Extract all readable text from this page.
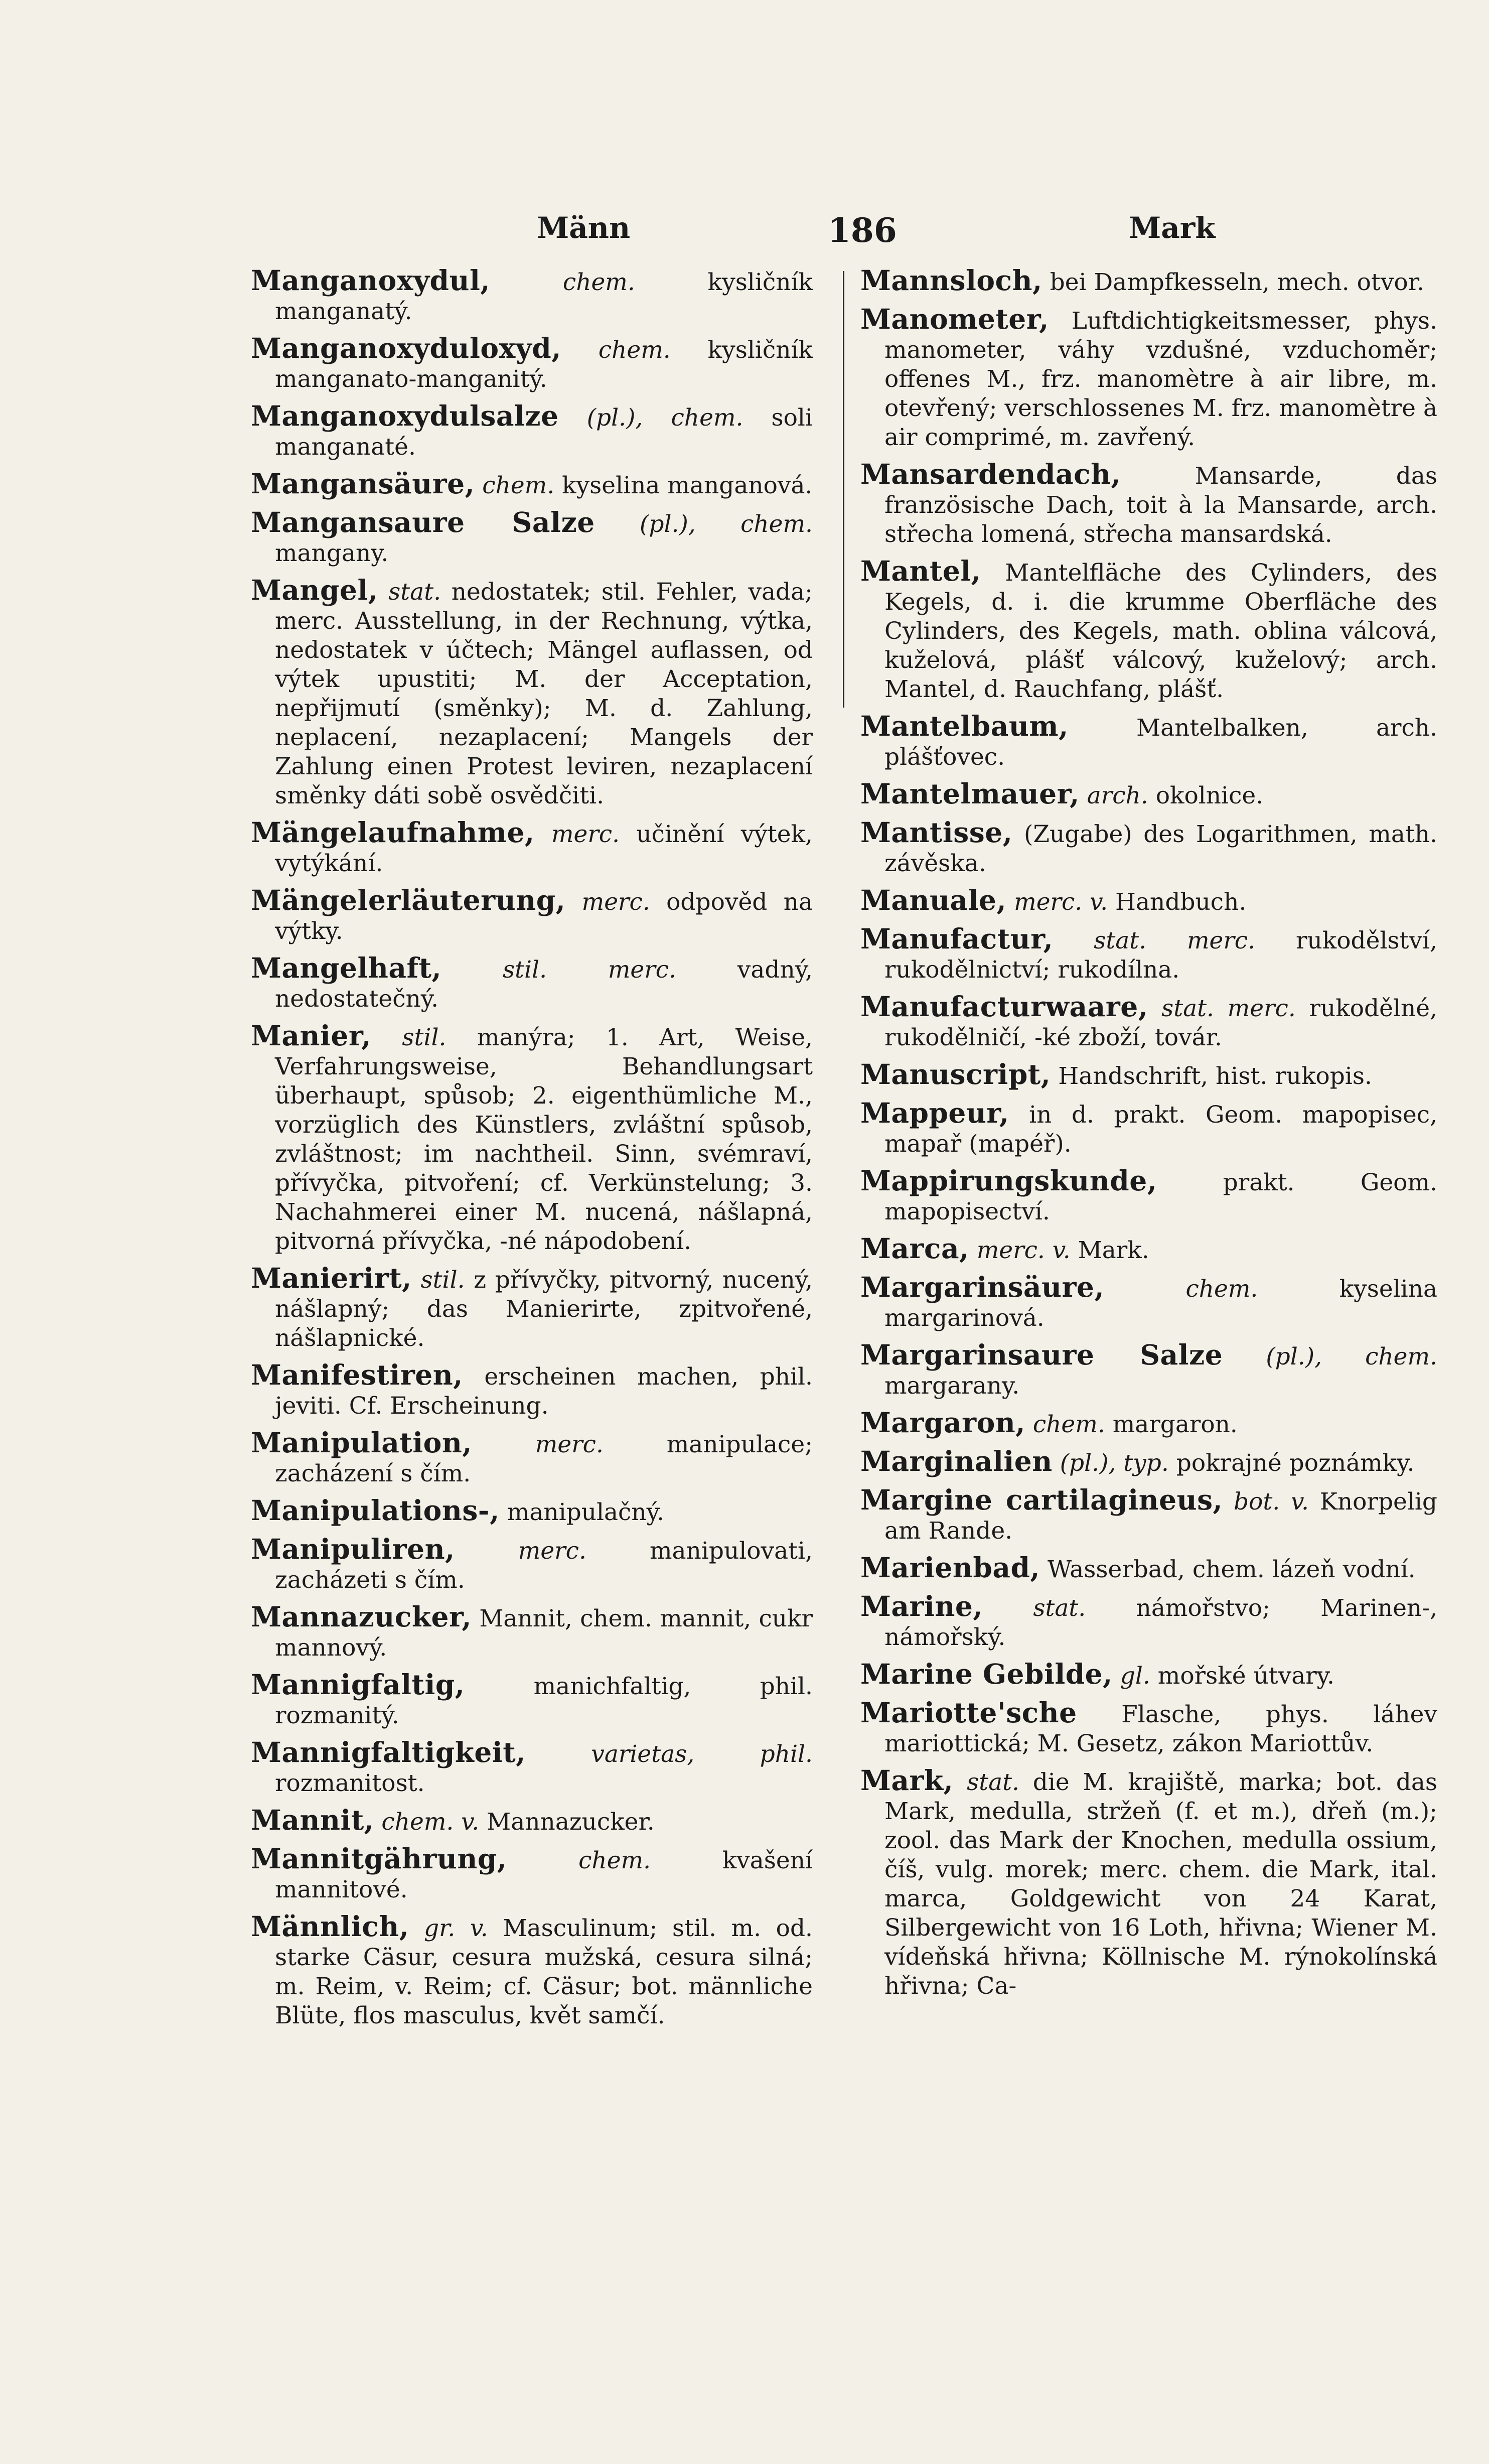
Männ	186	Mark

Manganoxydul,	chem.	kysličník manganatý.

Manganoxyduloxyd, chem. kysličník manganato-manganitý.

Manganoxydulsalze (pl.), chem. soli manganaté.

Mangansäure, chem. kyselina manganová.

Mangansaure Salze (pl.), chem. mangany.

Mangel, stat. nedostatek; stil. Fehler, vada; merc. Ausstellung, in der Rechnung, výtka, nedostatek v účtech; Mängel auflassen, od výtek upustiti; M. der Acceptation, nepřijmutí (směnky); M. d. Zahlung, neplacení, nezaplacení; Mangels der Zahlung einen Protest leviren, nezaplacení směnky dáti sobě osvědčiti.

Mängelaufnahme, merc. učinění výtek, vytýkání.

Mängelerläuterung, merc. odpověd na výtky.

Mangelhaft,	stil. merc.	vadný, nedostatečný.

Manier, stil. manýra; 1. Art, Weise, Verfahrungsweise, Behandlungsart überhaupt, spůsob; 2. eigenthümliche M., vorzüglich des Künstlers, zvláštní spůsob, zvláštnost; im nachtheil. Sinn, svémraví, přívyčka, pitvoření; cf. Verkünstelung; 3. Nachahmerei einer M. nucená, nášlapná, pitvorná přívyčka, -né nápodobení.

Manierirt, stil. z přívyčky, pitvorný, nucený, nášlapný; das Manierirte, zpitvořené, nášlapnické.

Manifestiren, erscheinen machen, phil. jeviti. Cf. Erscheinung.

Manipulation,	merc.	manipulace; zacházení s čím.

Manipulations-, manipulačný.

Manipuliren,	merc.	manipulovati, zacházeti s čím.

Mannazucker, Mannit, chem. mannit, cukr mannový.

Mannigfaltig,	manichfaltig, phil. rozmanitý.

Mannigfaltigkeit,	varietas, phil. rozmanitost.

Mannit, chem. v. Mannazucker.

Mannitgährung,	chem.	kvašení mannitové.

Männlich, gr. v. Masculinum; stil. m. od. starke Cäsur, cesura mužská, cesura silná; m. Reim, v. Reim; cf. Cäsur; bot. männliche Blüte, flos masculus, květ samčí.

Mannsloch, bei Dampfkesseln, mech. otvor.

Manometer, Luftdichtigkeitsmesser, phys. manometer, váhy vzdušné, vzduchoměr; offenes M., frz. manomètre à air libre, m. otevřený; verschlossenes M. frz. manomètre à air comprimé, m. zavřený.

Mansardendach,	Mansarde, das französische Dach, toit à la Mansarde, arch. střecha lomená, střecha mansardská.

Mantel, Mantelfläche des Cylinders, des Kegels, d. i. die krumme Oberfläche des Cylinders, des Kegels, math. oblina válcová, kuželová, plášť válcový, kuželový; arch. Mantel, d. Rauchfang, plášť.

Mantelbaum,	Mantelbalken, arch. plášťovec.

Mantelmauer, arch. okolnice.

Mantisse, (Zugabe) des Logarithmen, math. závěska.

Manuale, merc. v. Handbuch.

Manufactur, stat. merc. rukodělství, rukodělnictví; rukodílna.

Manufacturwaare, stat. merc. rukodělné, rukodělničí, -ké zboží, továr.

Manuscript, Handschrift, hist. rukopis.

Mappeur, in d. prakt. Geom. mapopisec, mapař (mapéř).

Mappirungskunde,	prakt. Geom. mapopisectví.

Marca, merc. v. Mark.

Margarinsäure,	chem.	kyselina margarinová.

Margarinsaure Salze (pl.), chem. margarany.

Margaron, chem. margaron.

Marginalien (pl.), typ. pokrajné poznámky.

Margine cartilagineus, bot. v. Knorpelig am Rande.

Marienbad, Wasserbad, chem. lázeň vodní.

Marine, stat. námořstvo; Marinen-, námořský.

Marine Gebilde, gl. mořské útvary.

Mariotte'sche Flasche, phys. láhev mariottická; M. Gesetz, zákon Mariottův.

Mark, stat. die M. krajiště, marka; bot. das Mark, medulla, stržeň (f. et m.), dřeň (m.); zool. das Mark der Knochen, medulla ossium, číš, vulg. morek; merc. chem. die Mark, ital. marca, Goldgewicht von 24 Karat, Silbergewicht von 16 Loth, hřivna; Wiener M. vídeňská hřivna; Köllnische M. rýnokolínská hřivna; Ca-
